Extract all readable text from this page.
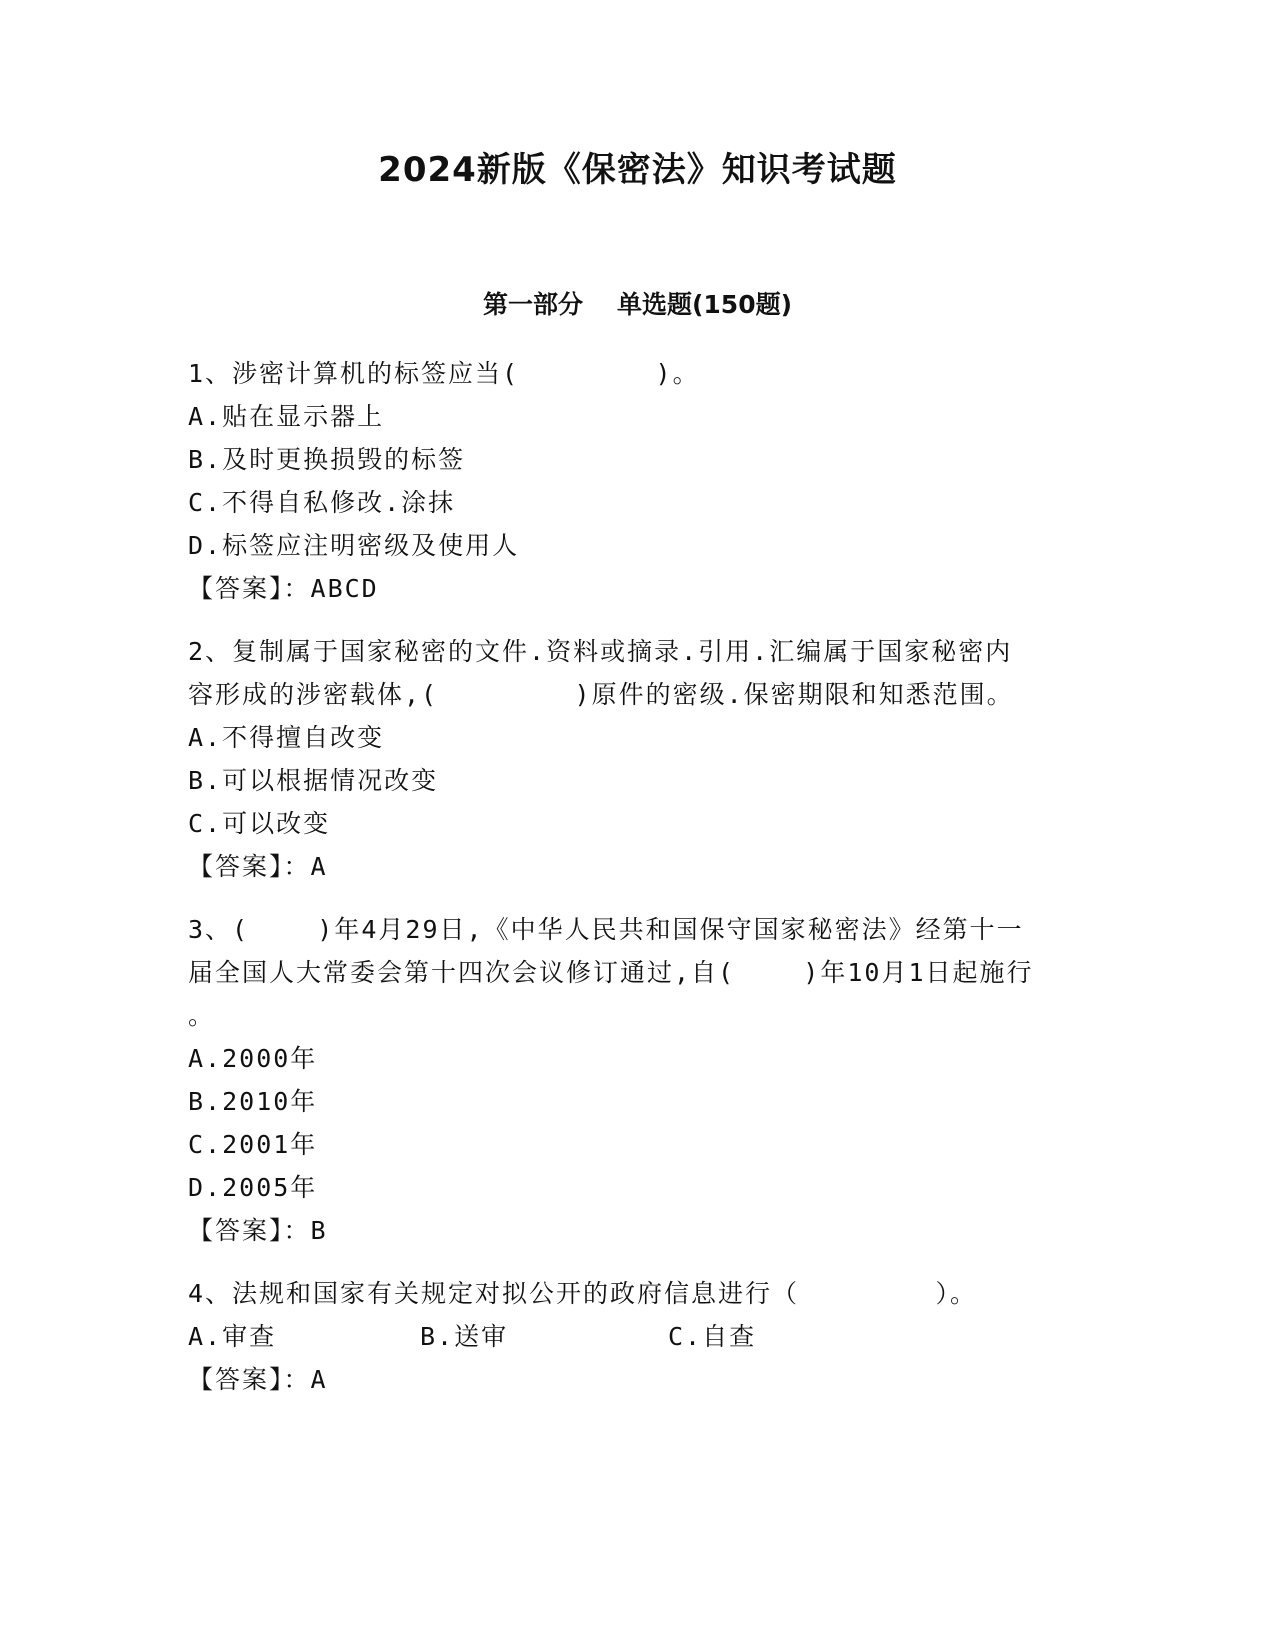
2024新版《保密法》知识考试题
第一部分 单选题(150题)
1、涉密计算机的标签应当(        )。
A.贴在显示器上
B.及时更换损毁的标签
C.不得自私修改.涂抹
D.标签应注明密级及使用人
【答案】：ABCD
2、复制属于国家秘密的文件.资料或摘录.引用.汇编属于国家秘密内
容形成的涉密载体,(        )原件的密级.保密期限和知悉范围。
A.不得擅自改变
B.可以根据情况改变
C.可以改变
【答案】：A
3、(    )年4月29日,《中华人民共和国保守国家秘密法》经第十一
届全国人大常委会第十四次会议修订通过,自(    )年10月1日起施行
。
A.2000年
B.2010年
C.2001年
D.2005年
【答案】：B
4、法规和国家有关规定对拟公开的政府信息进行（        ）。
A.审查	B.送审	C.自查
【答案】：A
